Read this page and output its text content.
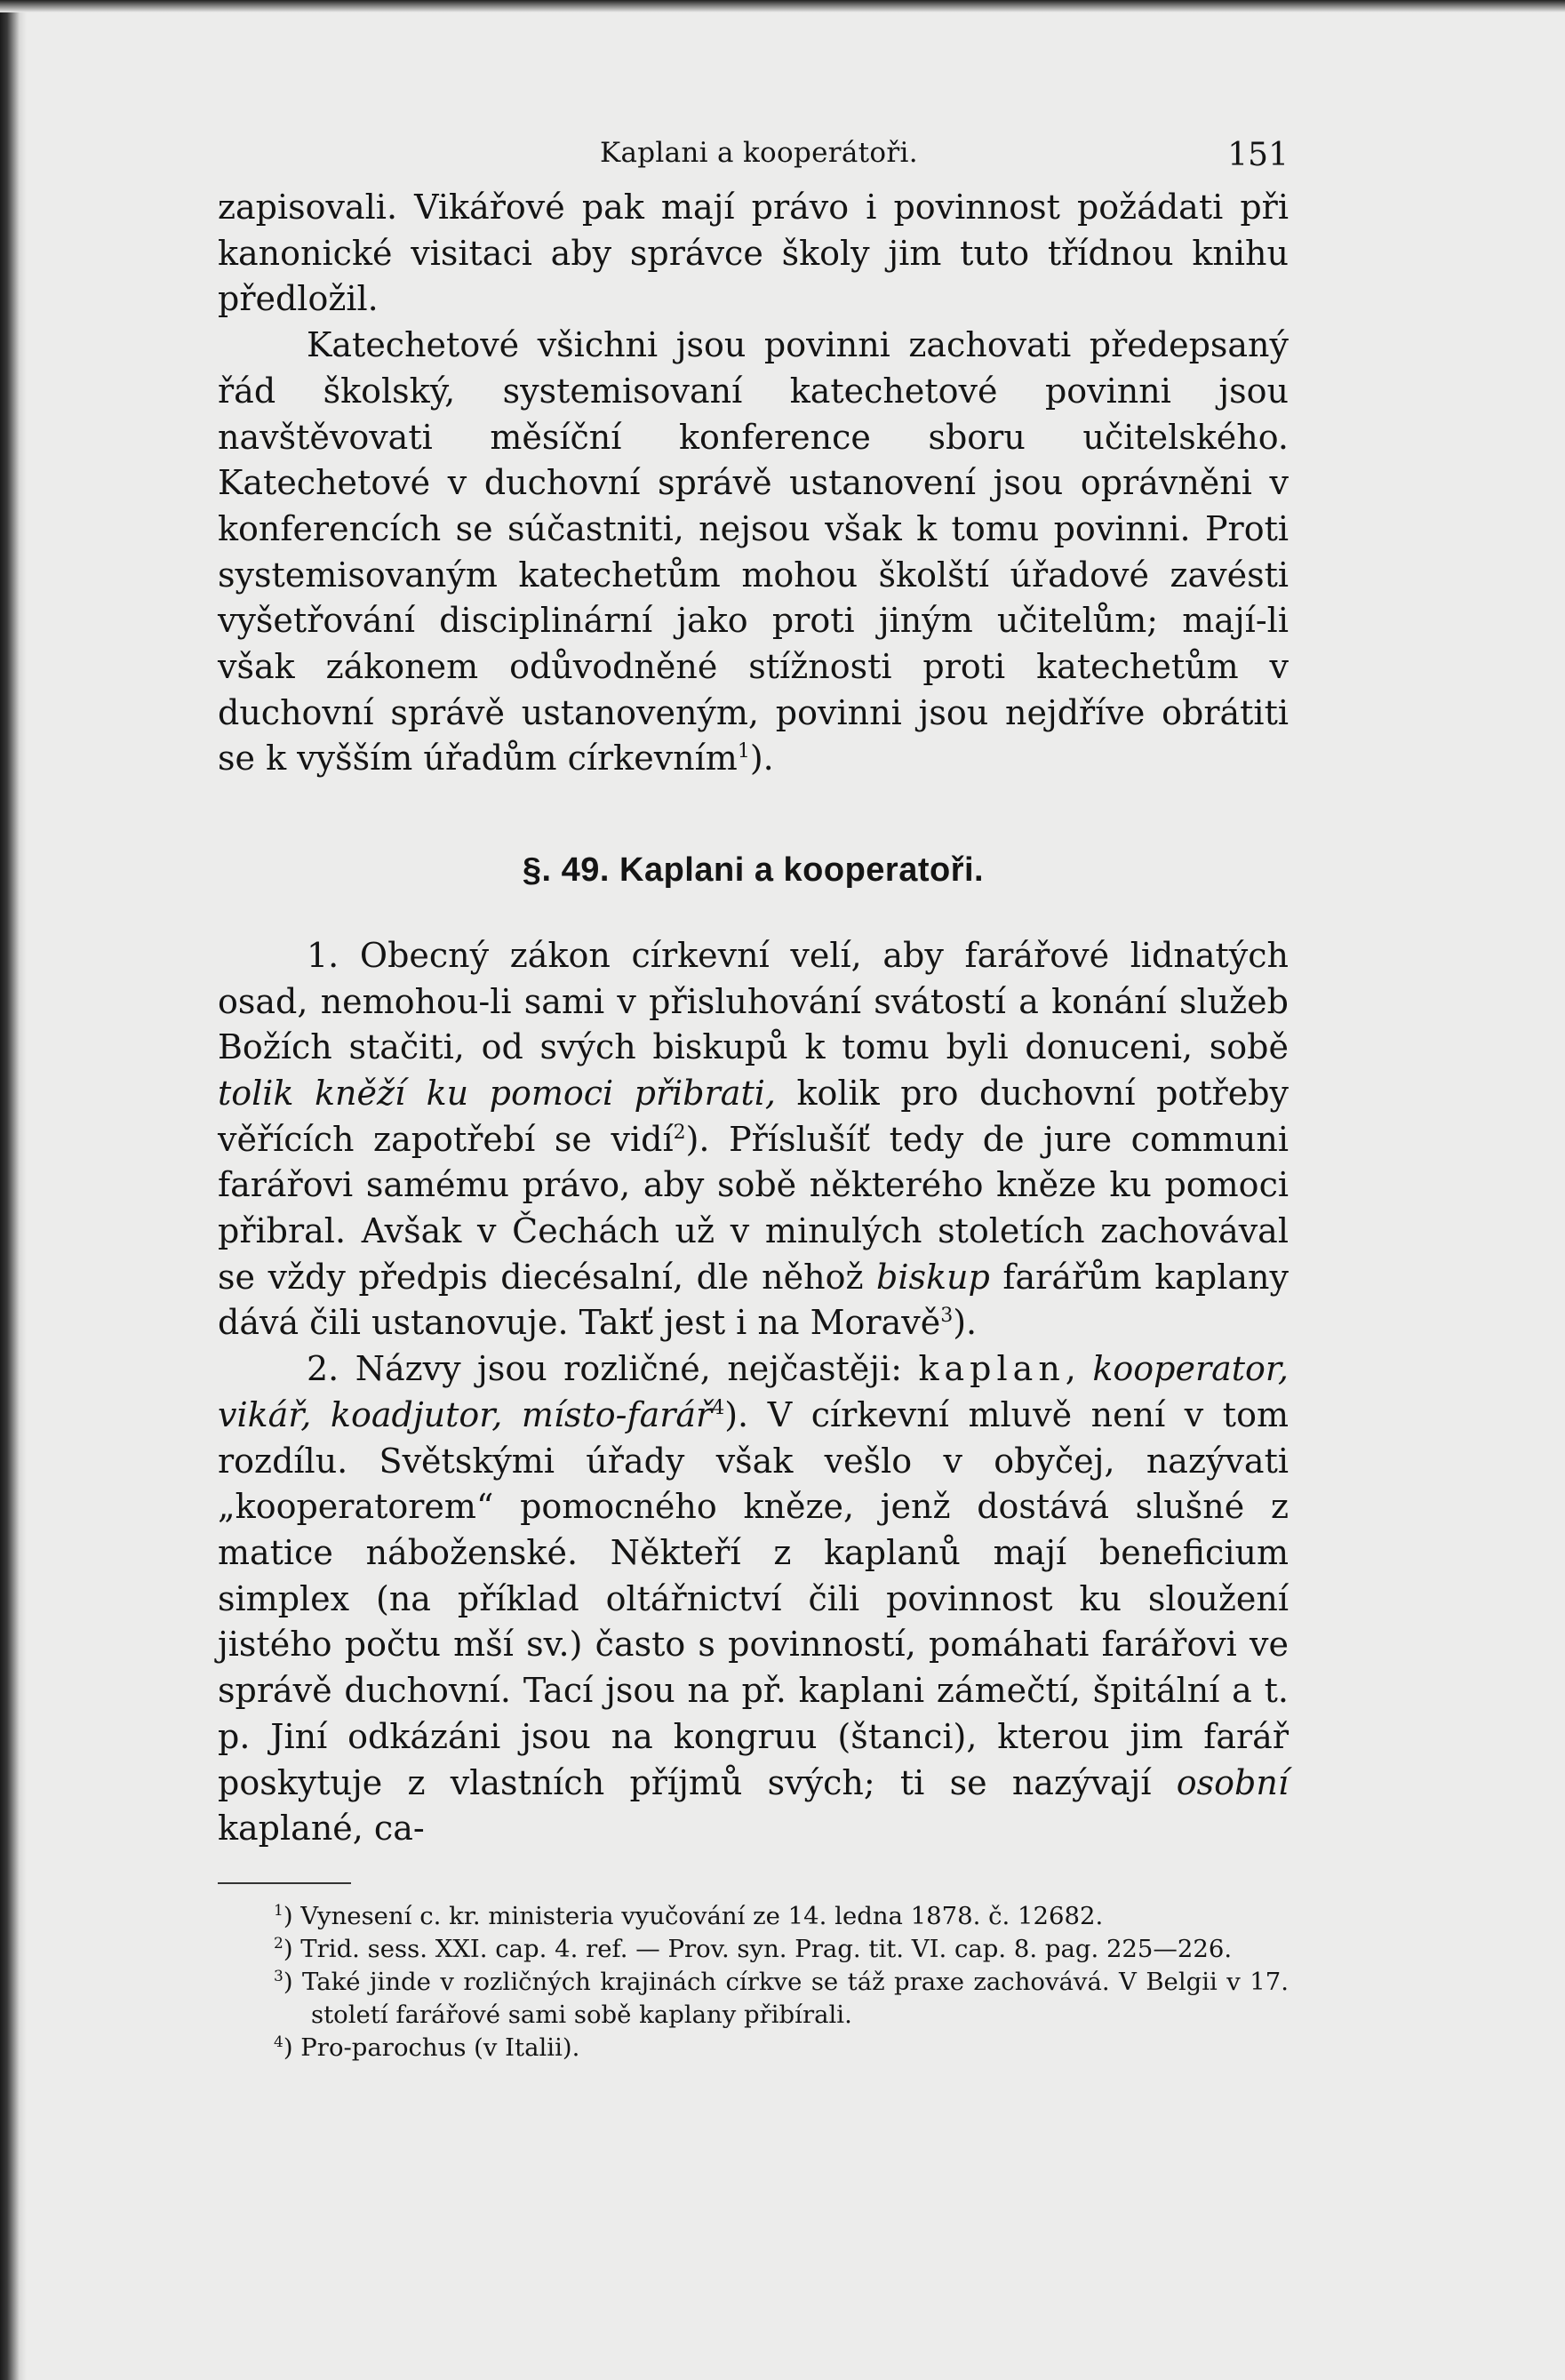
Kaplani a kooperátoři.	151

zapisovali. Vikářové pak mají právo i povinnost požádati při kanonické visitaci aby správce školy jim tuto třídnou knihu předložil.

Katechetové všichni jsou povinni zachovati předepsaný řád školský, systemisovaní katechetové povinni jsou navštěvovati měsíční konference sboru učitelského. Katechetové v duchovní správě ustanovení jsou oprávněni v konferencích se súčastniti, nejsou však k tomu povinni. Proti systemisovaným katechetům mohou školští úřadové zavésti vyšetřování disciplinární jako proti jiným učitelům; mají-li však zákonem odůvodněné stížnosti proti katechetům v duchovní správě ustanoveným, povinni jsou nejdříve obrátiti se k vyšším úřadům církevním$^1$).

§. 49. Kaplani a kooperatoři.

1. Obecný zákon církevní velí, aby farářové lidnatých osad, nemohou-li sami v přisluhování svátostí a konání služeb Božích stačiti, od svých biskupů k tomu byli donuceni, sobě tolik kněží ku pomoci přibrati, kolik pro duchovní potřeby věřících zapotřebí se vidí$^2$). Příslušíť tedy de jure communi farářovi samému právo, aby sobě některého kněze ku pomoci přibral. Avšak v Čechách už v minulých stoletích zachovával se vždy předpis diecésalní, dle něhož biskup farářům kaplany dává čili ustanovuje. Takť jest i na Moravě$^3$).

2. Názvy jsou rozličné, nejčastěji: kaplan, kooperator, vikář, koadjutor, místo-farář$^4$). V církevní mluvě není v tom rozdílu. Světskými úřady však vešlo v obyčej, nazývati „kooperatorem“ pomocného kněze, jenž dostává slušné z matice náboženské. Někteří z kaplanů mají beneficium simplex (na příklad oltářnictví čili povinnost ku sloužení jistého počtu mší sv.) často s povinností, pomáhati farářovi ve správě duchovní. Tací jsou na př. kaplani zámečtí, špitální a t. p. Jiní odkázáni jsou na kongruu (štanci), kterou jim farář poskytuje z vlastních příjmů svých; ti se nazývají osobní kaplané, ca-

$^1$) Vynesení c. kr. ministeria vyučování ze 14. ledna 1878. č. 12682.

$^2$) Trid. sess. XXI. cap. 4. ref. — Prov. syn. Prag. tit. VI. cap. 8. pag. 225—226.

$^3$) Také jinde v rozličných krajinách církve se táž praxe zachovává. V Belgii v 17. století farářové sami sobě kaplany přibírali.

$^4$) Pro-parochus (v Italii).
